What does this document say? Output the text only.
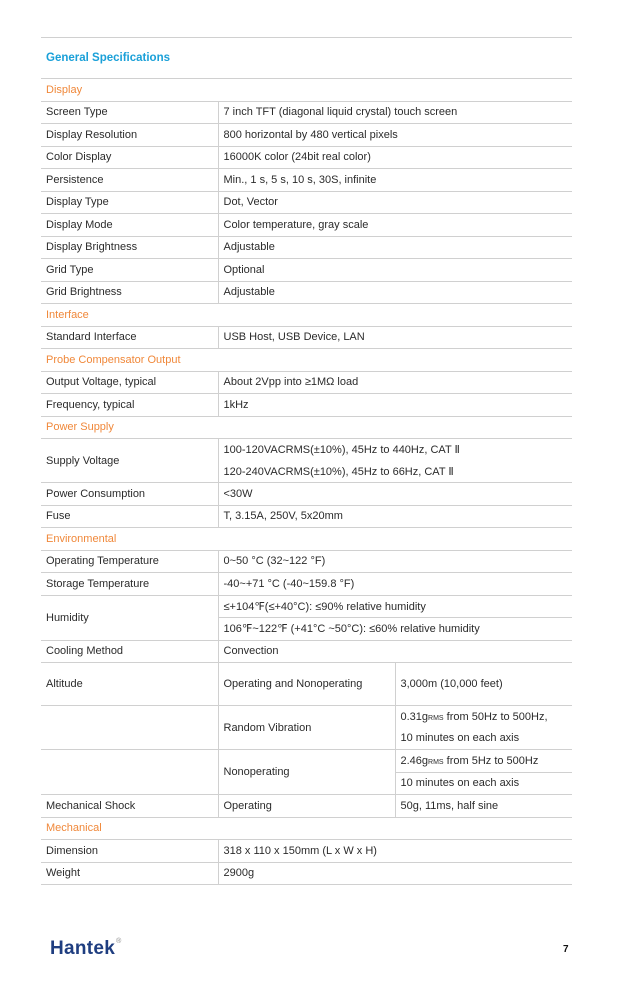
General Specifications
Display		
Screen Type	7 inch TFT (diagonal liquid crystal) touch screen	
Display Resolution	800 horizontal by 480 vertical pixels	
Color Display	16000K color (24bit real color)	
Persistence	Min., 1 s, 5 s, 10 s, 30S, infinite	
Display Type	Dot, Vector	
Display Mode	Color temperature, gray scale	
Display Brightness	Adjustable	
Grid Type	Optional	
Grid Brightness	Adjustable	
Interface		
Standard Interface	USB Host, USB Device, LAN	
Probe Compensator Output		
Output Voltage, typical	About 2Vpp into ≥1MΩ load	
Frequency, typical	1kHz	
Power Supply		
Supply Voltage	100-120VACRMS(±10%), 45Hz to 440Hz, CAT Ⅱ	
	120-240VACRMS(±10%), 45Hz to 66Hz, CAT Ⅱ	
Power Consumption	<30W	
Fuse	T, 3.15A, 250V, 5x20mm	
Environmental		
Operating Temperature	0~50 °C (32~122 °F)	
Storage Temperature	-40~+71 °C (-40~159.8 °F)	
Humidity	≤+104℉(≤+40°C): ≤90% relative humidity	
	106℉~122℉ (+41°C ~50°C): ≤60% relative humidity	
Cooling Method	Convection	
Altitude	Operating and Nonoperating	3,000m (10,000 feet)
	Random Vibration	0.31gRMS from 50Hz to 500Hz,
		10 minutes on each axis
	Nonoperating	2.46gRMS from 5Hz to 500Hz
		10 minutes on each axis
Mechanical Shock	Operating	50g, 11ms, half sine
Mechanical		
Dimension	318 x 110 x 150mm (L x W x H)	
Weight	2900g	
Hantek®
7
